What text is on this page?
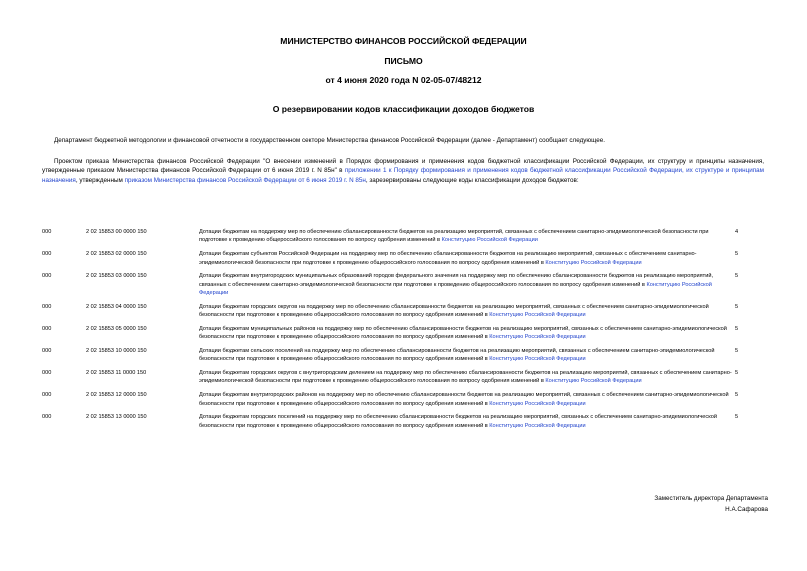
МИНИСТЕРСТВО ФИНАНСОВ РОССИЙСКОЙ ФЕДЕРАЦИИ
ПИСЬМО
от 4 июня 2020 года N 02-05-07/48212
О резервировании кодов классификации доходов бюджетов
Департамент бюджетной методологии и финансовой отчетности в государственном секторе Министерства финансов Российской Федерации (далее - Департамент) сообщает следующее.
Проектом приказа Министерства финансов Российской Федерации "О внесении изменений в Порядок формирования и применения кодов бюджетной классификации Российской Федерации, их структуру и принципы назначения, утвержденные приказом Министерства финансов Российской Федерации от 6 июня 2019 г. N 85н" в приложении 1 к Порядку формирования и применения кодов бюджетной классификации Российской Федерации, их структуре и принципам назначения, утвержденным приказом Министерства финансов Российской Федерации от 6 июня 2019 г. N 85н, зарезервированы следующие коды классификации доходов бюджетов:
000	2 02 15853 00 0000 150	Дотации бюджетам на поддержку мер по обеспечению сбалансированности бюджетов на реализацию мероприятий, связанных с обеспечением санитарно-эпидемиологической безопасности при подготовке к проведению общероссийского голосования по вопросу одобрения изменений в Конституцию Российской Федерации	4
000	2 02 15853 02 0000 150	Дотации бюджетам субъектов Российской Федерации на поддержку мер по обеспечению сбалансированности бюджетов на реализацию мероприятий, связанных с обеспечением санитарно-эпидемиологической безопасности при подготовке к проведению общероссийского голосования по вопросу одобрения изменений в Конституцию Российской Федерации	5
000	2 02 15853 03 0000 150	Дотации бюджетам внутригородских муниципальных образований городов федерального значения на поддержку мер по обеспечению сбалансированности бюджетов на реализацию мероприятий, связанных с обеспечением санитарно-эпидемиологической безопасности при подготовке к проведению общероссийского голосования по вопросу одобрения изменений в Конституцию Российской Федерации	5
000	2 02 15853 04 0000 150	Дотации бюджетам городских округов на поддержку мер по обеспечению сбалансированности бюджетов на реализацию мероприятий, связанных с обеспечением санитарно-эпидемиологической безопасности при подготовке к проведению общероссийского голосования по вопросу одобрения изменений в Конституцию Российской Федерации	5
000	2 02 15853 05 0000 150	Дотации бюджетам муниципальных районов на поддержку мер по обеспечению сбалансированности бюджетов на реализацию мероприятий, связанных с обеспечением санитарно-эпидемиологической безопасности при подготовке к проведению общероссийского голосования по вопросу одобрения изменений в Конституцию Российской Федерации	5
000	2 02 15853 10 0000 150	Дотации бюджетам сельских поселений на поддержку мер по обеспечению сбалансированности бюджетов на реализацию мероприятий, связанных с обеспечением санитарно-эпидемиологической безопасности при подготовке к проведению общероссийского голосования по вопросу одобрения изменений в Конституцию Российской Федерации	5
000	2 02 15853 11 0000 150	Дотации бюджетам городских округов с внутригородским делением на поддержку мер по обеспечению сбалансированности бюджетов на реализацию мероприятий, связанных с обеспечением санитарно-эпидемиологической безопасности при подготовке к проведению общероссийского голосования по вопросу одобрения изменений в Конституцию Российской Федерации	5
000	2 02 15853 12 0000 150	Дотации бюджетам внутригородских районов на поддержку мер по обеспечению сбалансированности бюджетов на реализацию мероприятий, связанных с обеспечением санитарно-эпидемиологической безопасности при подготовке к проведению общероссийского голосования по вопросу одобрения изменений в Конституцию Российской Федерации	5
000	2 02 15853 13 0000 150	Дотации бюджетам городских поселений на поддержку мер по обеспечению сбалансированности бюджетов на реализацию мероприятий, связанных с обеспечением санитарно-эпидемиологической безопасности при подготовке к проведению общероссийского голосования по вопросу одобрения изменений в Конституцию Российской Федерации	5
Заместитель директора Департамента
Н.А.Сафарова
